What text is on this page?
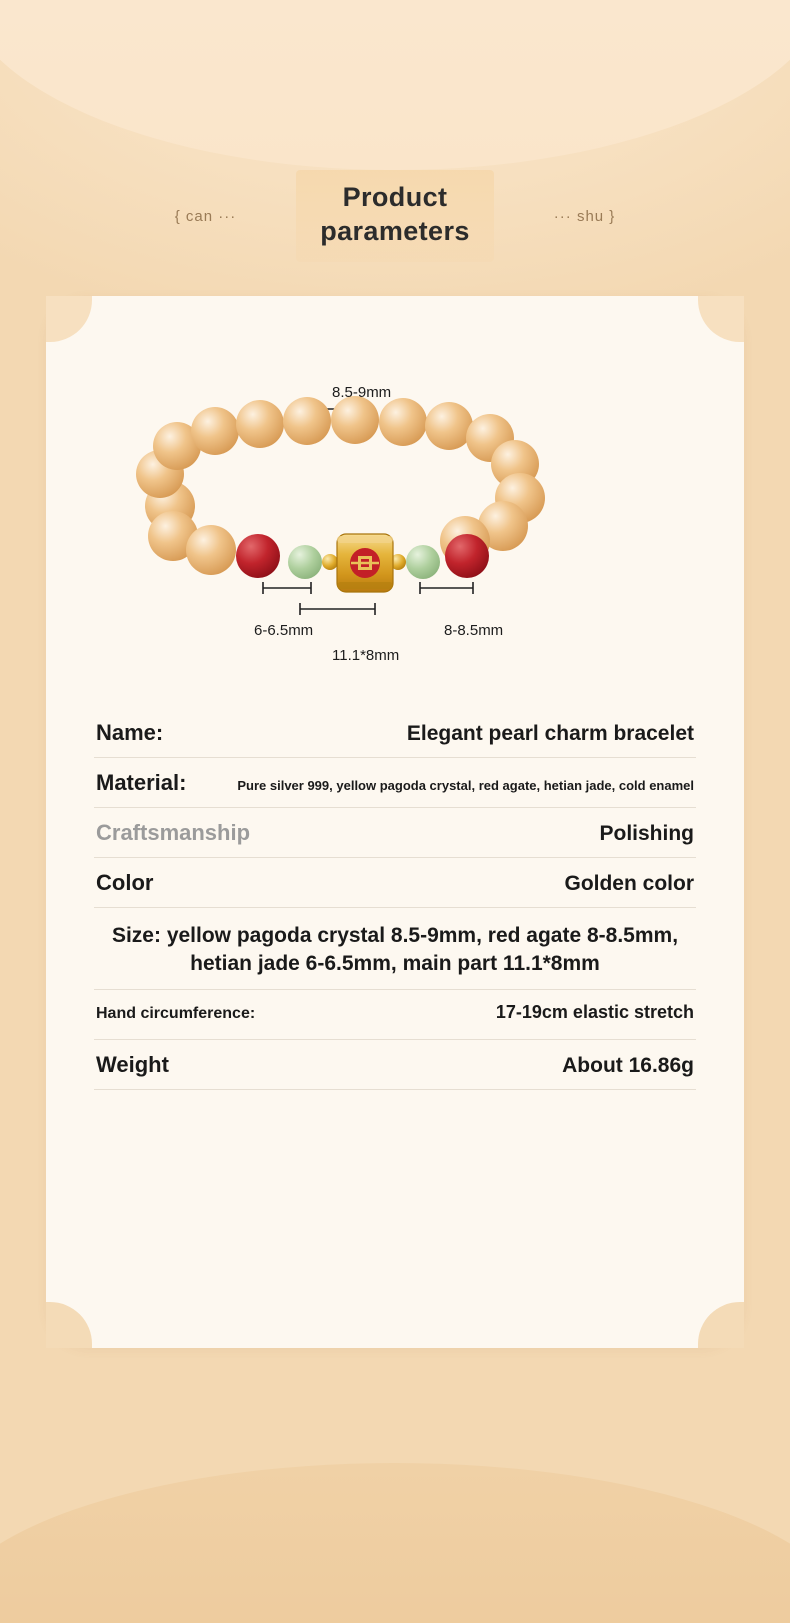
{ can ···
Product
parameters	··· shu }
8.5-9mm
6-6.5mm	8-8.5mm
11.1*8mm
Name:	Elegant pearl charm bracelet
Material:	Pure silver 999, yellow pagoda crystal, red agate, hetian jade, cold enamel
Craftsmanship	Polishing
Color	Golden color
Size: yellow pagoda crystal 8.5-9mm, red agate 8-8.5mm, hetian jade 6-6.5mm, main part 11.1*8mm
Hand circumference:	17-19cm elastic stretch
Weight	About 16.86g
